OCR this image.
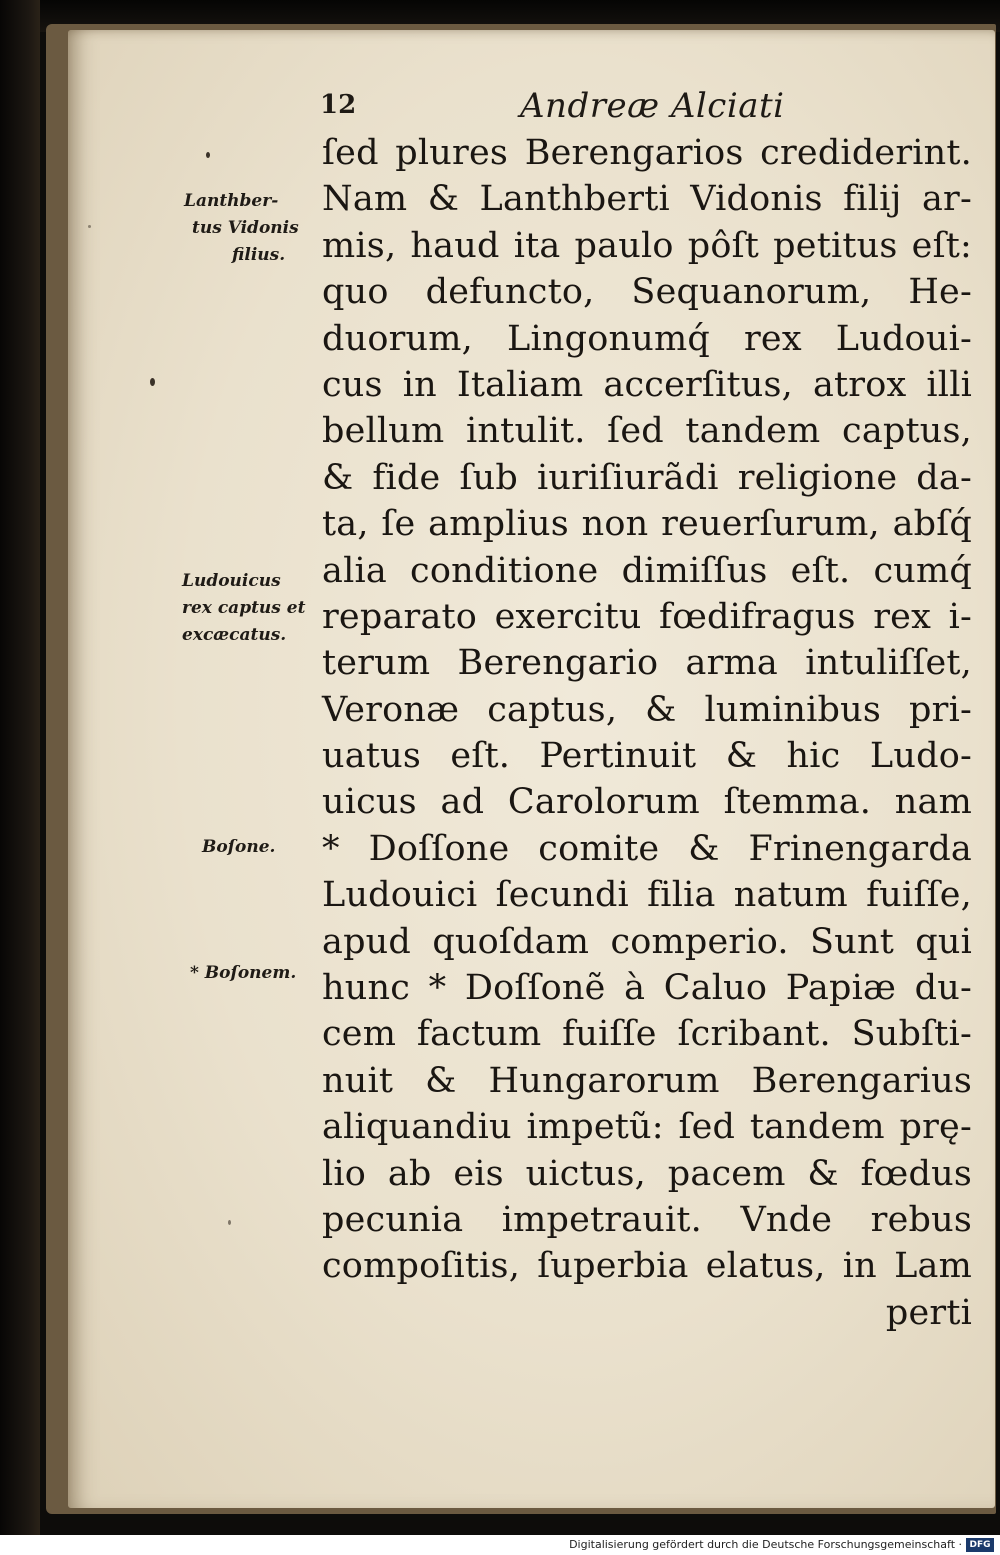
12	Andreæ Alciati
Lanthber-
tus Vidonis
filius.
Ludouicus
rex captus et
excæcatus.
Boſone.
* Boſonem.
ſed plures Berengarios crediderint.
Nam & Lanthberti Vidonis filij ar-
mis, haud ita paulo pôſt petitus eſt:
quo defuncto, Sequanorum, He-
duorum, Lingonumq́ rex Ludoui-
cus in Italiam accerſitus, atrox illi
bellum intulit. ſed tandem captus,
& fide ſub iuriſiurãdi religione da-
ta, ſe amplius non reuerſurum, abſq́
alia conditione dimiſſus eſt. cumq́
reparato exercitu fœdifragus rex i-
terum Berengario arma intuliſſet,
Veronæ captus, & luminibus pri-
uatus eſt. Pertinuit & hic Ludo-
uicus ad Carolorum ſtemma. nam
* Doſſone comite & Frinengarda
Ludouici ſecundi filia natum fuiſſe,
apud quoſdam comperio. Sunt qui
hunc * Doſſonẽ à Caluo Papiæ du-
cem factum fuiſſe ſcribant. Subſti-
nuit & Hungarorum Berengarius
aliquandiu impetũ: ſed tandem prę-
lio ab eis uictus, pacem & fœdus
pecunia impetrauit. Vnde rebus
compoſitis, ſuperbia elatus, in Lam
perti
Digitalisierung gefördert durch die Deutsche Forschungsgemeinschaft · DFG
